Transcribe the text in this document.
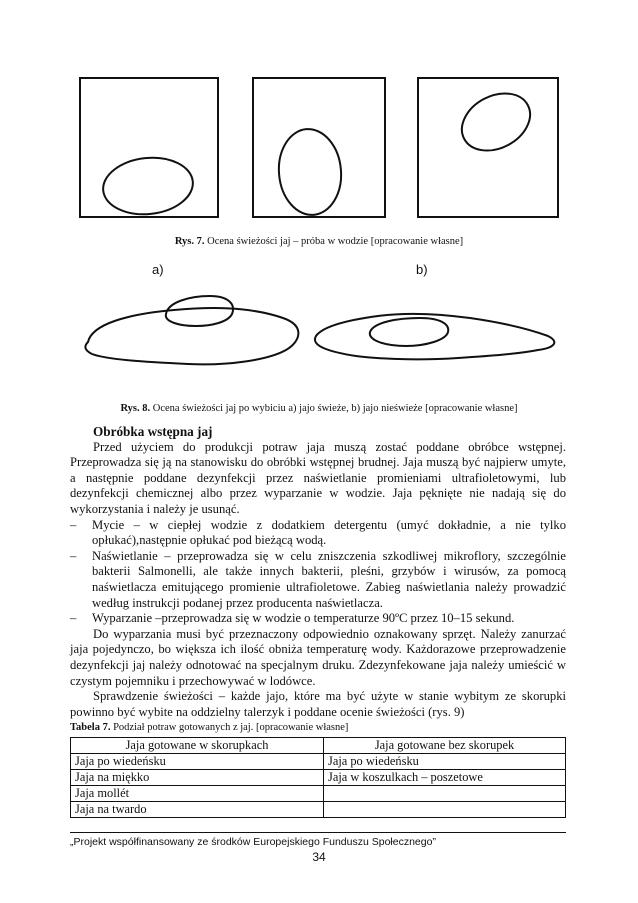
Rys. 7. Ocena świeżości jaj – próba w wodzie [opracowanie własne]
a)	b)
Rys. 8. Ocena świeżości jaj po wybiciu a) jajo świeże, b) jajo nieświeże [opracowanie własne]

Obróbka wstępna jaj

Przed użyciem do produkcji potraw jaja muszą zostać poddane obróbce wstępnej. Przeprowadza się ją na stanowisku do obróbki wstępnej brudnej. Jaja muszą być najpierw umyte, a następnie poddane dezynfekcji przez naświetlanie promieniami ultrafioletowymi, lub dezynfekcji chemicznej albo przez wyparzanie w wodzie. Jaja pęknięte nie nadają się do wykorzystania i należy je usunąć.

– Mycie – w ciepłej wodzie z dodatkiem detergentu (umyć dokładnie, a nie tylko opłukać),następnie opłukać pod bieżącą wodą.

– Naświetlanie – przeprowadza się w celu zniszczenia szkodliwej mikroflory, szczególnie bakterii Salmonelli, ale także innych bakterii, pleśni, grzybów i wirusów, za pomocą naświetlacza emitującego promienie ultrafioletowe. Zabieg naświetlania należy prowadzić według instrukcji podanej przez producenta naświetlacza.

– Wyparzanie –przeprowadza się w wodzie o temperaturze 90ºC przez 10–15 sekund.

Do wyparzania musi być przeznaczony odpowiednio oznakowany sprzęt. Należy zanurzać jaja pojedynczo, bo większa ich ilość obniża temperaturę wody. Każdorazowe przeprowadzenie dezynfekcji jaj należy odnotować na specjalnym druku. Zdezynfekowane jaja należy umieścić w czystym pojemniku i przechowywać w lodówce.

Sprawdzenie świeżości – każde jajo, które ma być użyte w stanie wybitym ze skorupki powinno być wybite na oddzielny talerzyk i poddane ocenie świeżości (rys. 9)

Tabela 7. Podział potraw gotowanych z jaj. [opracowanie własne]
Jaja gotowane w skorupkach	Jaja gotowane bez skorupek
Jaja po wiedeńsku	Jaja po wiedeńsku
Jaja na miękko	Jaja w koszulkach – poszetowe
Jaja mollét	
Jaja na twardo	
„Projekt współfinansowany ze środków Europejskiego Funduszu Społecznego”
34
